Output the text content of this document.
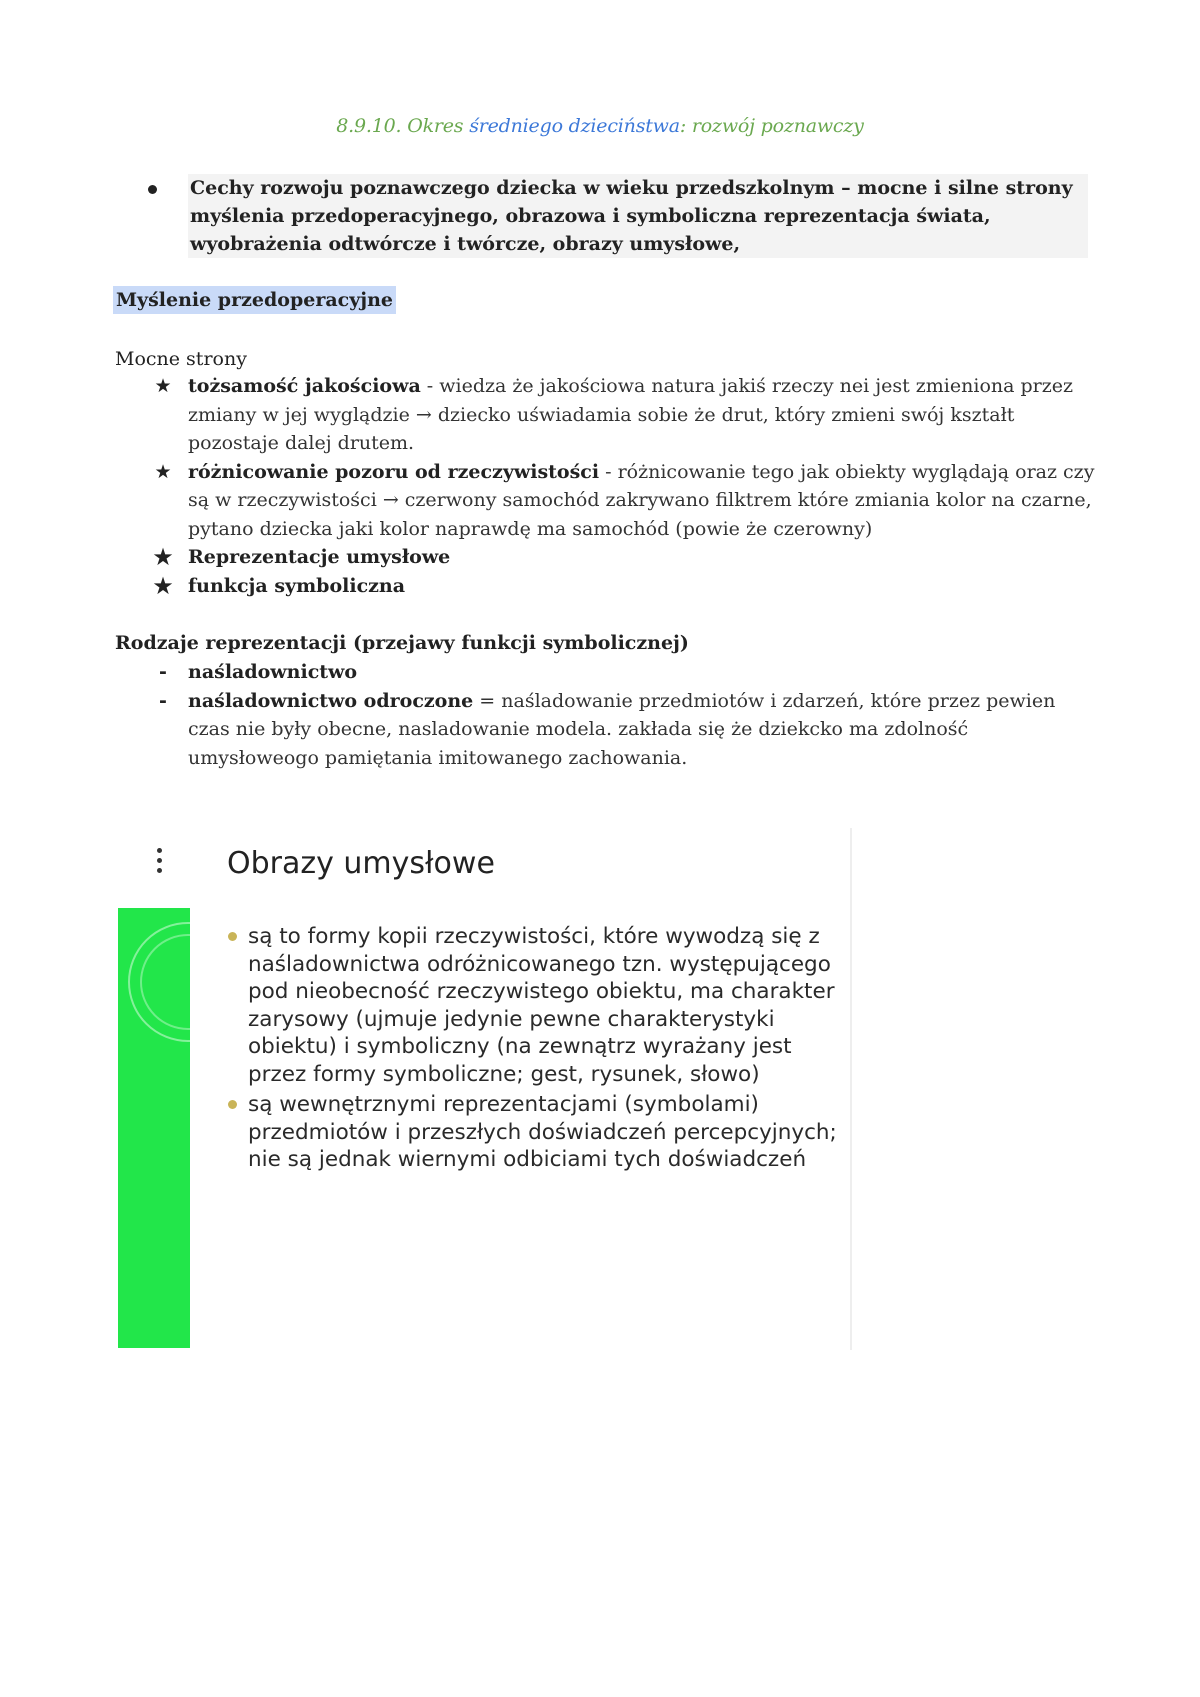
8.9.10. Okres średniego dzieciństwa: rozwój poznawczy
Cechy rozwoju poznawczego dziecka w wieku przedszkolnym – mocne i silne strony myślenia przedoperacyjnego, obrazowa i symboliczna reprezentacja świata, wyobrażenia odtwórcze i twórcze, obrazy umysłowe,
Myślenie przedoperacyjne
Mocne strony
★ tożsamość jakościowa - wiedza że jakościowa natura jakiś rzeczy nei jest zmieniona przez zmiany w jej wyglądzie → dziecko uświadamia sobie że drut, który zmieni swój kształt pozostaje dalej drutem.
★ różnicowanie pozoru od rzeczywistości - różnicowanie tego jak obiekty wyglądają oraz czy są w rzeczywistości → czerwony samochód zakrywano filktrem które zmiania kolor na czarne, pytano dziecka jaki kolor naprawdę ma samochód (powie że czerowny)
★ Reprezentacje umysłowe
★ funkcja symboliczna
Rodzaje reprezentacji (przejawy funkcji symbolicznej)
-	naśladownictwo
-	naśladownictwo odroczone = naśladowanie przedmiotów i zdarzeń, które przez pewien czas nie były obecne, nasladowanie modela. zakłada się że dziekcko ma zdolność umysłoweogo pamiętania imitowanego zachowania.
Obrazy umysłowe
są to formy kopii rzeczywistości, które wywodzą się z naśladownictwa odróżnicowanego tzn. występującego pod nieobecność rzeczywistego obiektu, ma charakter zarysowy (ujmuje jedynie pewne charakterystyki obiektu) i symboliczny (na zewnątrz wyrażany jest przez formy symboliczne; gest, rysunek, słowo)
są wewnętrznymi reprezentacjami (symbolami) przedmiotów i przeszłych doświadczeń percepcyjnych; nie są jednak wiernymi odbiciami tych doświadczeń
